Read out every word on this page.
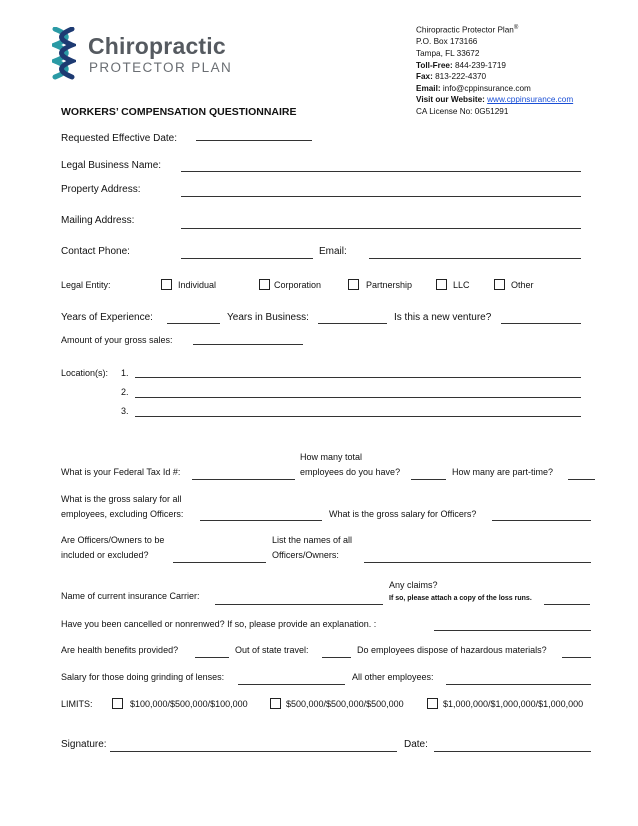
Chiropractic
PROTECTOR PLAN
Chiropractic Protector Plan®
P.O. Box 173166
Tampa, FL 33672
Toll-Free: 844-239-1719
Fax: 813-222-4370
Email: info@cppinsurance.com
Visit our Website: www.cppinsurance.com
CA License No: 0G51291
WORKERS’ COMPENSATION QUESTIONNAIRE
Requested Effective Date:
Legal Business Name:
Property Address:
Mailing Address:
Contact Phone:	Email:
Legal Entity:	Individual	Corporation	Partnership	LLC	Other
Years of Experience:	Years in Business:	Is this a new venture?
Amount of your gross sales:
Location(s): 1.
2.
3.
How many total
What is your Federal Tax Id #:	employees do you have?	How many are part-time?
What is the gross salary for all
employees, excluding Officers:	What is the gross salary for Officers?
Are Officers/Owners to be
included or excluded?
List the names of all
Officers/Owners:
Any claims?
Name of current insurance Carrier:	If so, please attach a copy of the loss runs.
Have you been cancelled or nonrenwed? If so, please provide an explanation. :
Are health benefits provided?	Out of state travel:	Do employees dispose of hazardous materials?
Salary for those doing grinding of lenses:	All other employees:
LIMITS:	$100,000/$500,000/$100,000	$500,000/$500,000/$500,000	$1,000,000/$1,000,000/$1,000,000
Signature:	Date:
